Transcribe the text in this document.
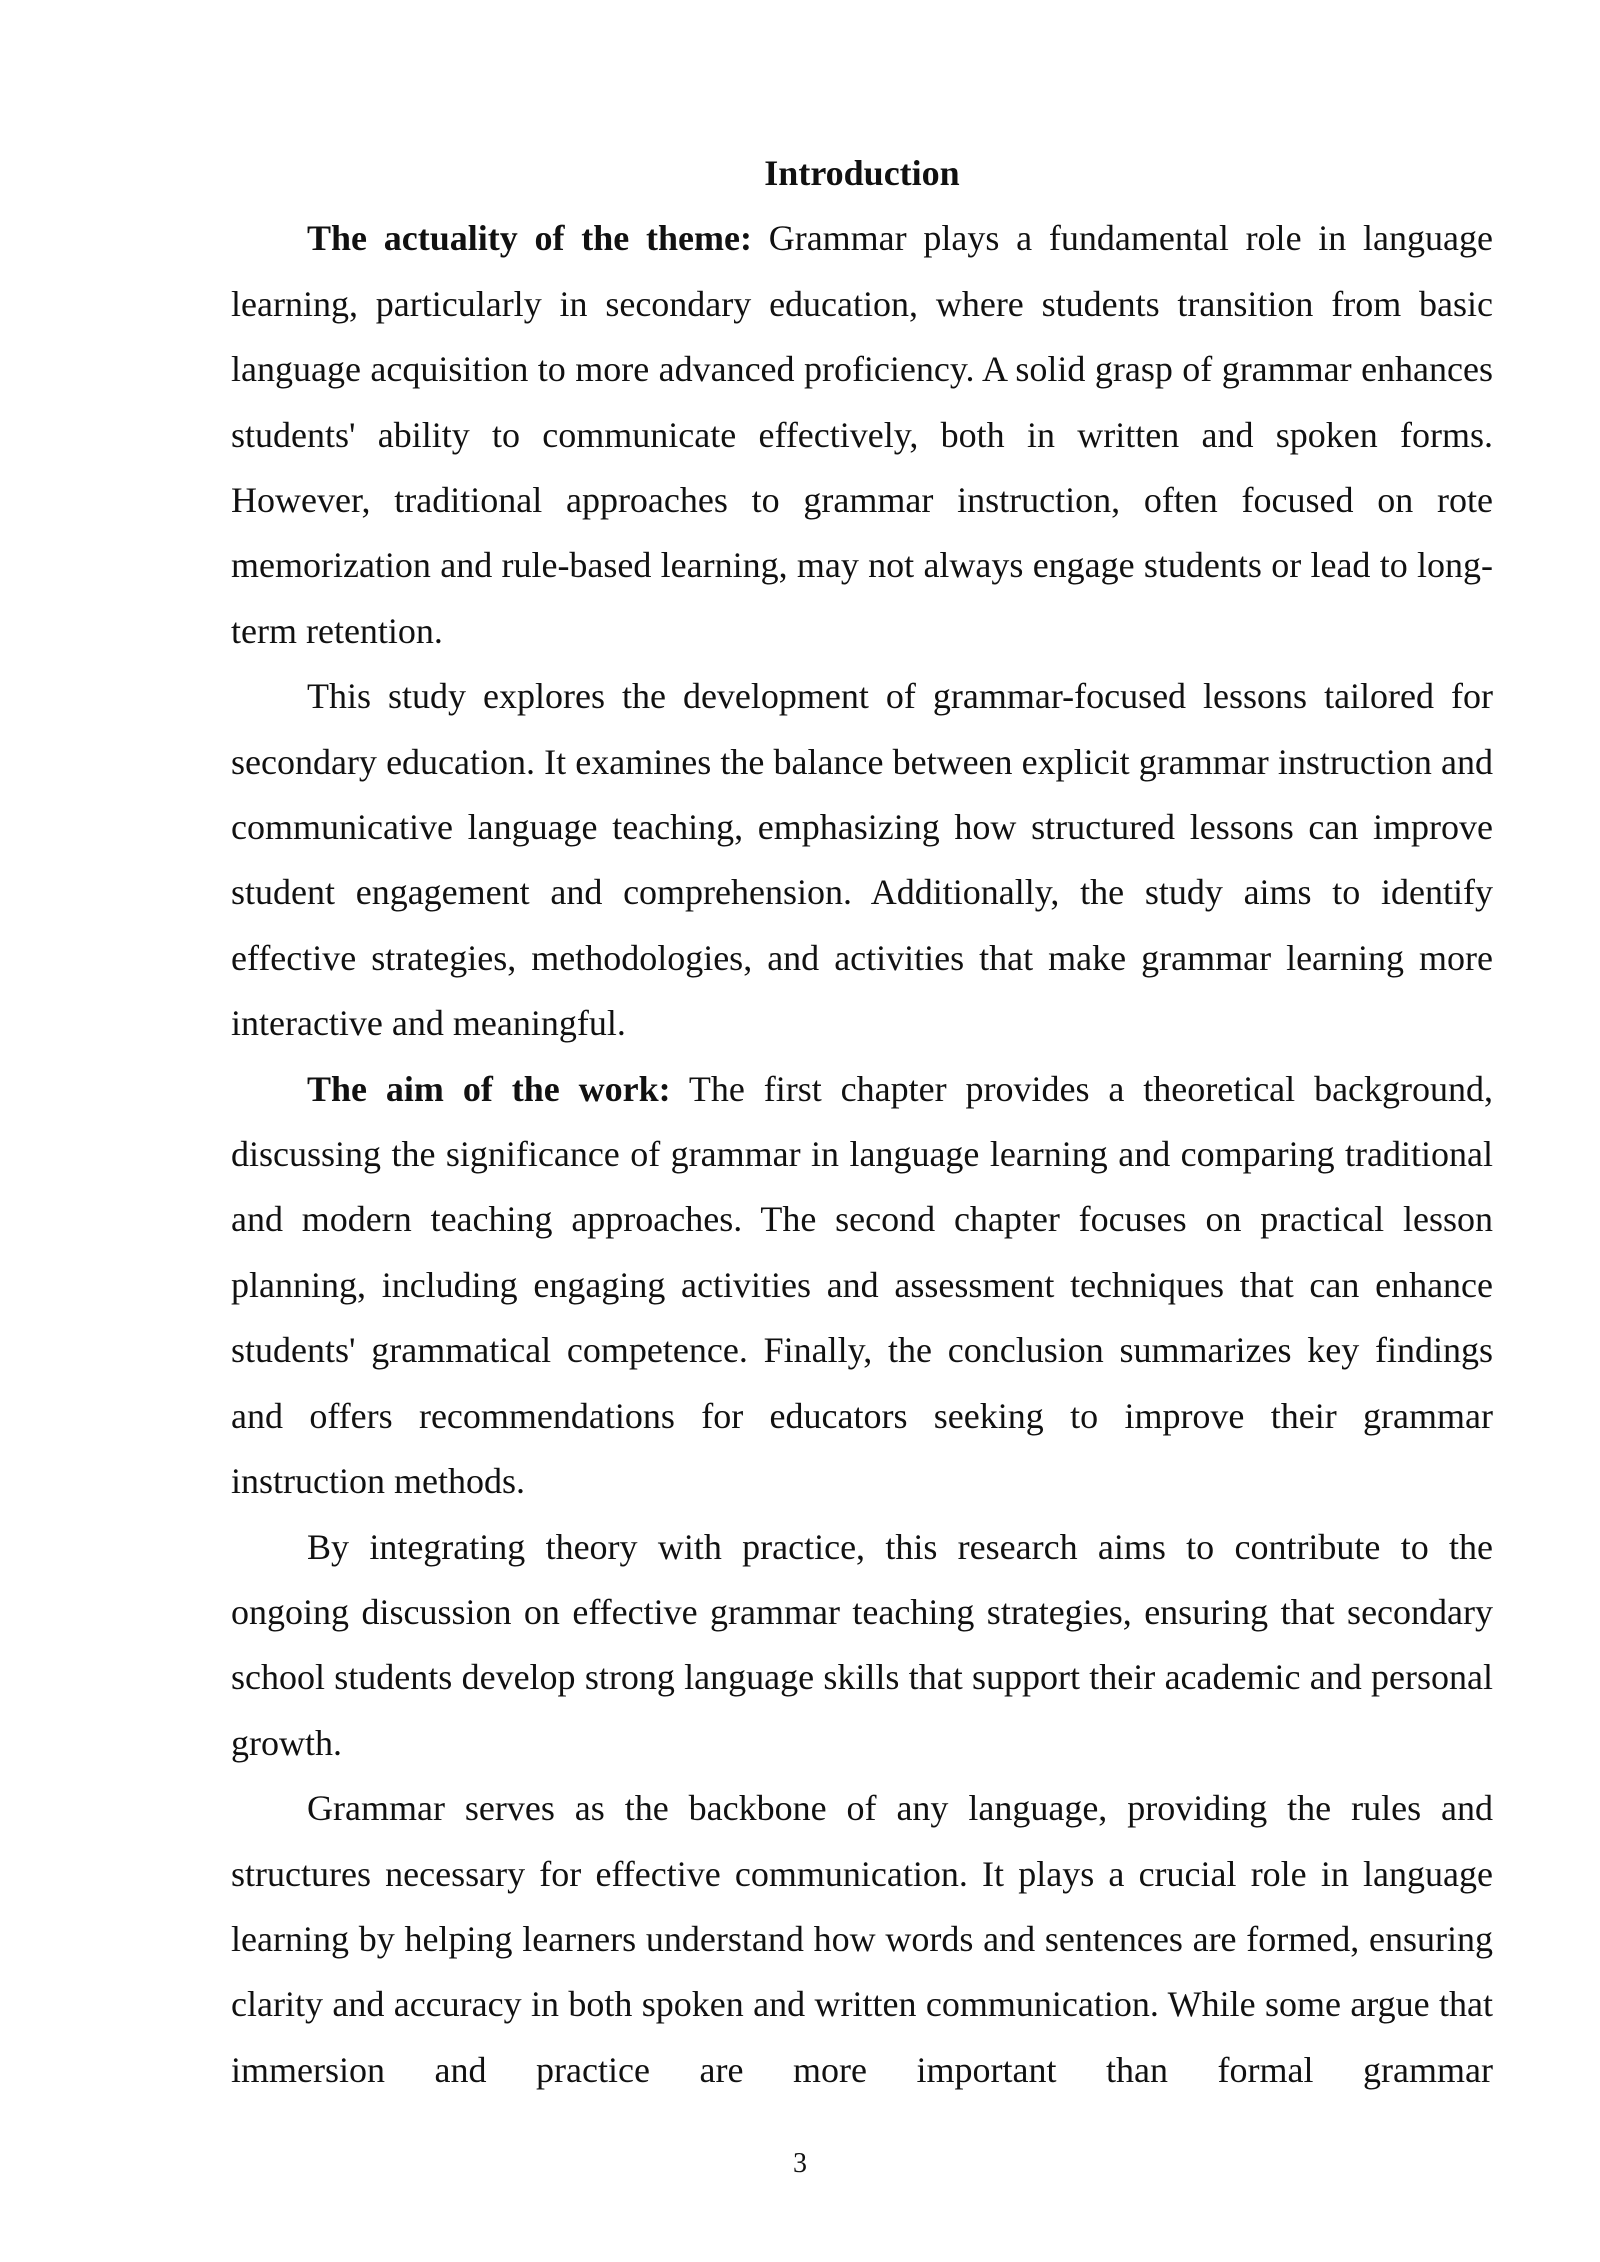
Introduction

The actuality of the theme: Grammar plays a fundamental role in language learning, particularly in secondary education, where students transition from basic language acquisition to more advanced proficiency. A solid grasp of grammar enhances students' ability to communicate effectively, both in written and spoken forms. However, traditional approaches to grammar instruction, often focused on rote memorization and rule-based learning, may not always engage students or lead to long-term retention.

This study explores the development of grammar-focused lessons tailored for secondary education. It examines the balance between explicit grammar instruction and communicative language teaching, emphasizing how structured lessons can improve student engagement and comprehension. Additionally, the study aims to identify effective strategies, methodologies, and activities that make grammar learning more interactive and meaningful.

The aim of the work: The first chapter provides a theoretical background, discussing the significance of grammar in language learning and comparing traditional and modern teaching approaches. The second chapter focuses on practical lesson planning, including engaging activities and assessment techniques that can enhance students' grammatical competence. Finally, the conclusion summarizes key findings and offers recommendations for educators seeking to improve their grammar instruction methods.

By integrating theory with practice, this research aims to contribute to the ongoing discussion on effective grammar teaching strategies, ensuring that secondary school students develop strong language skills that support their academic and personal growth.

Grammar serves as the backbone of any language, providing the rules and structures necessary for effective communication. It plays a crucial role in language learning by helping learners understand how words and sentences are formed, ensuring clarity and accuracy in both spoken and written communication. While some argue that immersion and practice are more important than formal grammar

3
